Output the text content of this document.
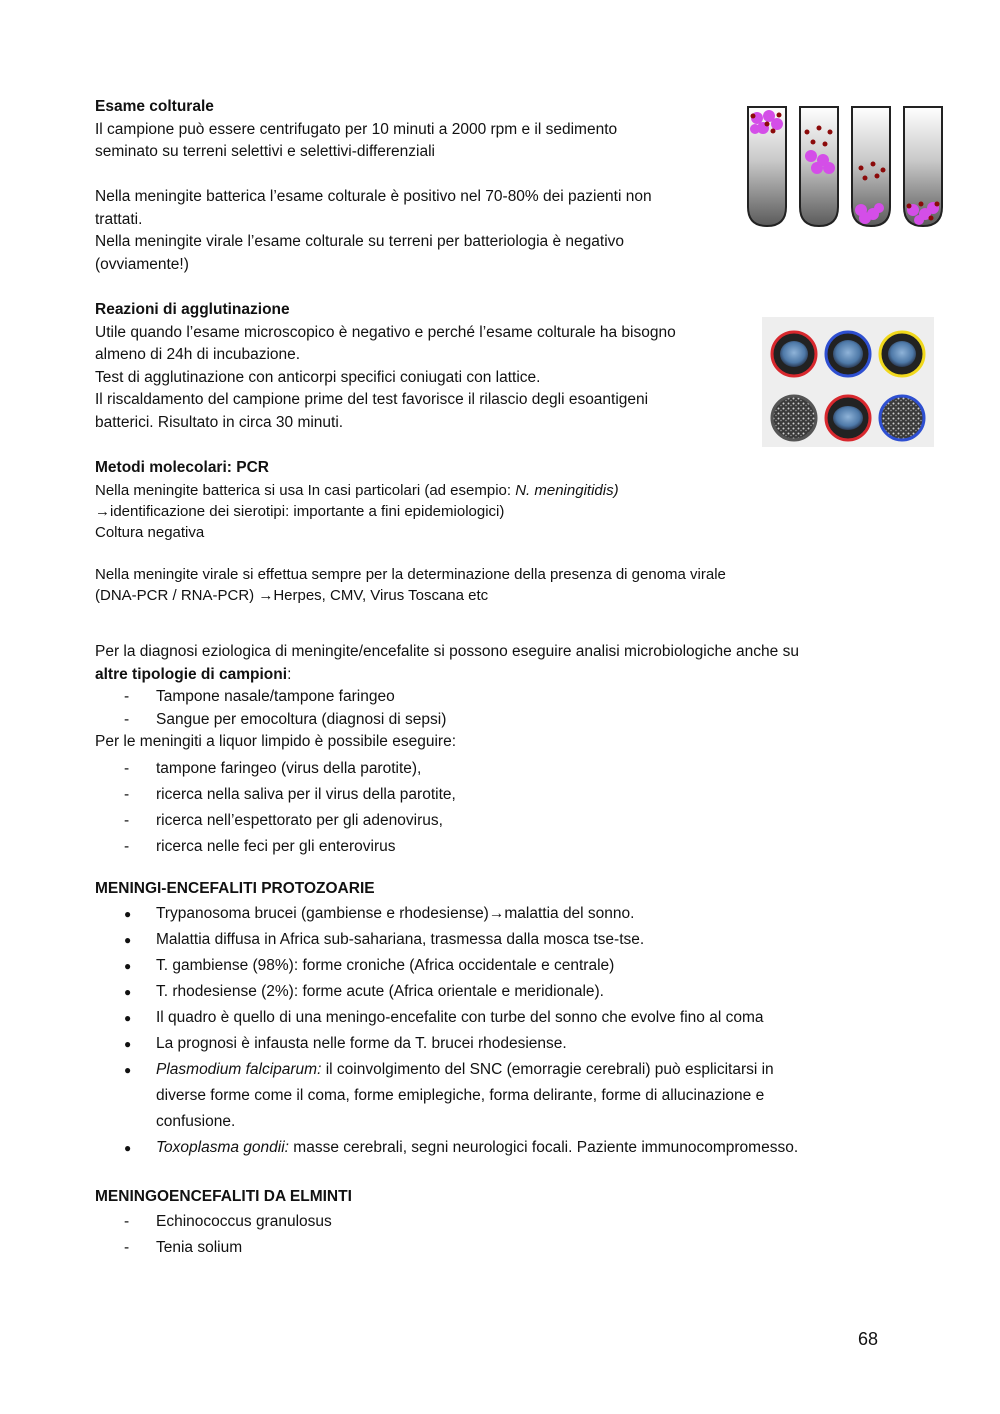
Esame colturale
Il campione può essere centrifugato per 10 minuti a 2000 rpm e il sedimento
seminato su terreni selettivi e selettivi-differenziali

Nella meningite batterica l’esame colturale è positivo nel 70-80% dei pazienti non
trattati.
Nella meningite virale l’esame colturale su terreni per batteriologia è negativo
(ovviamente!)
Reazioni di agglutinazione
Utile quando l’esame microscopico è negativo e perché l’esame colturale ha bisogno
almeno di 24h di incubazione.
Test di agglutinazione con anticorpi specifici coniugati con lattice.
Il riscaldamento del campione prime del test favorisce il rilascio degli esoantigeni
batterici. Risultato in circa 30 minuti.
Metodi molecolari: PCR
Nella meningite batterica si usa In casi particolari (ad esempio: N. meningitidis)
→identificazione dei sierotipi: importante a fini epidemiologici)
Coltura negativa

Nella meningite virale si effettua sempre per la determinazione della presenza di genoma virale
(DNA-PCR / RNA-PCR) →Herpes, CMV, Virus Toscana etc
Per la diagnosi eziologica di meningite/encefalite si possono eseguire analisi microbiologiche anche su
altre tipologie di campioni:
- Tampone nasale/tampone faringeo
- Sangue per emocoltura (diagnosi di sepsi)
Per le meningiti a liquor limpido è possibile eseguire:
- tampone faringeo (virus della parotite),
- ricerca nella saliva per il virus della parotite,
- ricerca nell’espettorato per gli adenovirus,
- ricerca nelle feci per gli enterovirus
MENINGI-ENCEFALITI PROTOZOARIE
● Trypanosoma brucei (gambiense e rhodesiense)→malattia del sonno.
● Malattia diffusa in Africa sub-sahariana, trasmessa dalla mosca tse-tse.
● T. gambiense (98%): forme croniche (Africa occidentale e centrale)
● T. rhodesiense (2%): forme acute (Africa orientale e meridionale).
● Il quadro è quello di una meningo-encefalite con turbe del sonno che evolve fino al coma
● La prognosi è infausta nelle forme da T. brucei rhodesiense.
● Plasmodium falciparum: il coinvolgimento del SNC (emorragie cerebrali) può esplicitarsi in
diverse forme come il coma, forme emiplegiche, forma delirante, forme di allucinazione e
confusione.
● Toxoplasma gondii: masse cerebrali, segni neurologici focali. Paziente immunocompromesso.
MENINGOENCEFALITI DA ELMINTI
- Echinococcus granulosus
- Tenia solium
68
